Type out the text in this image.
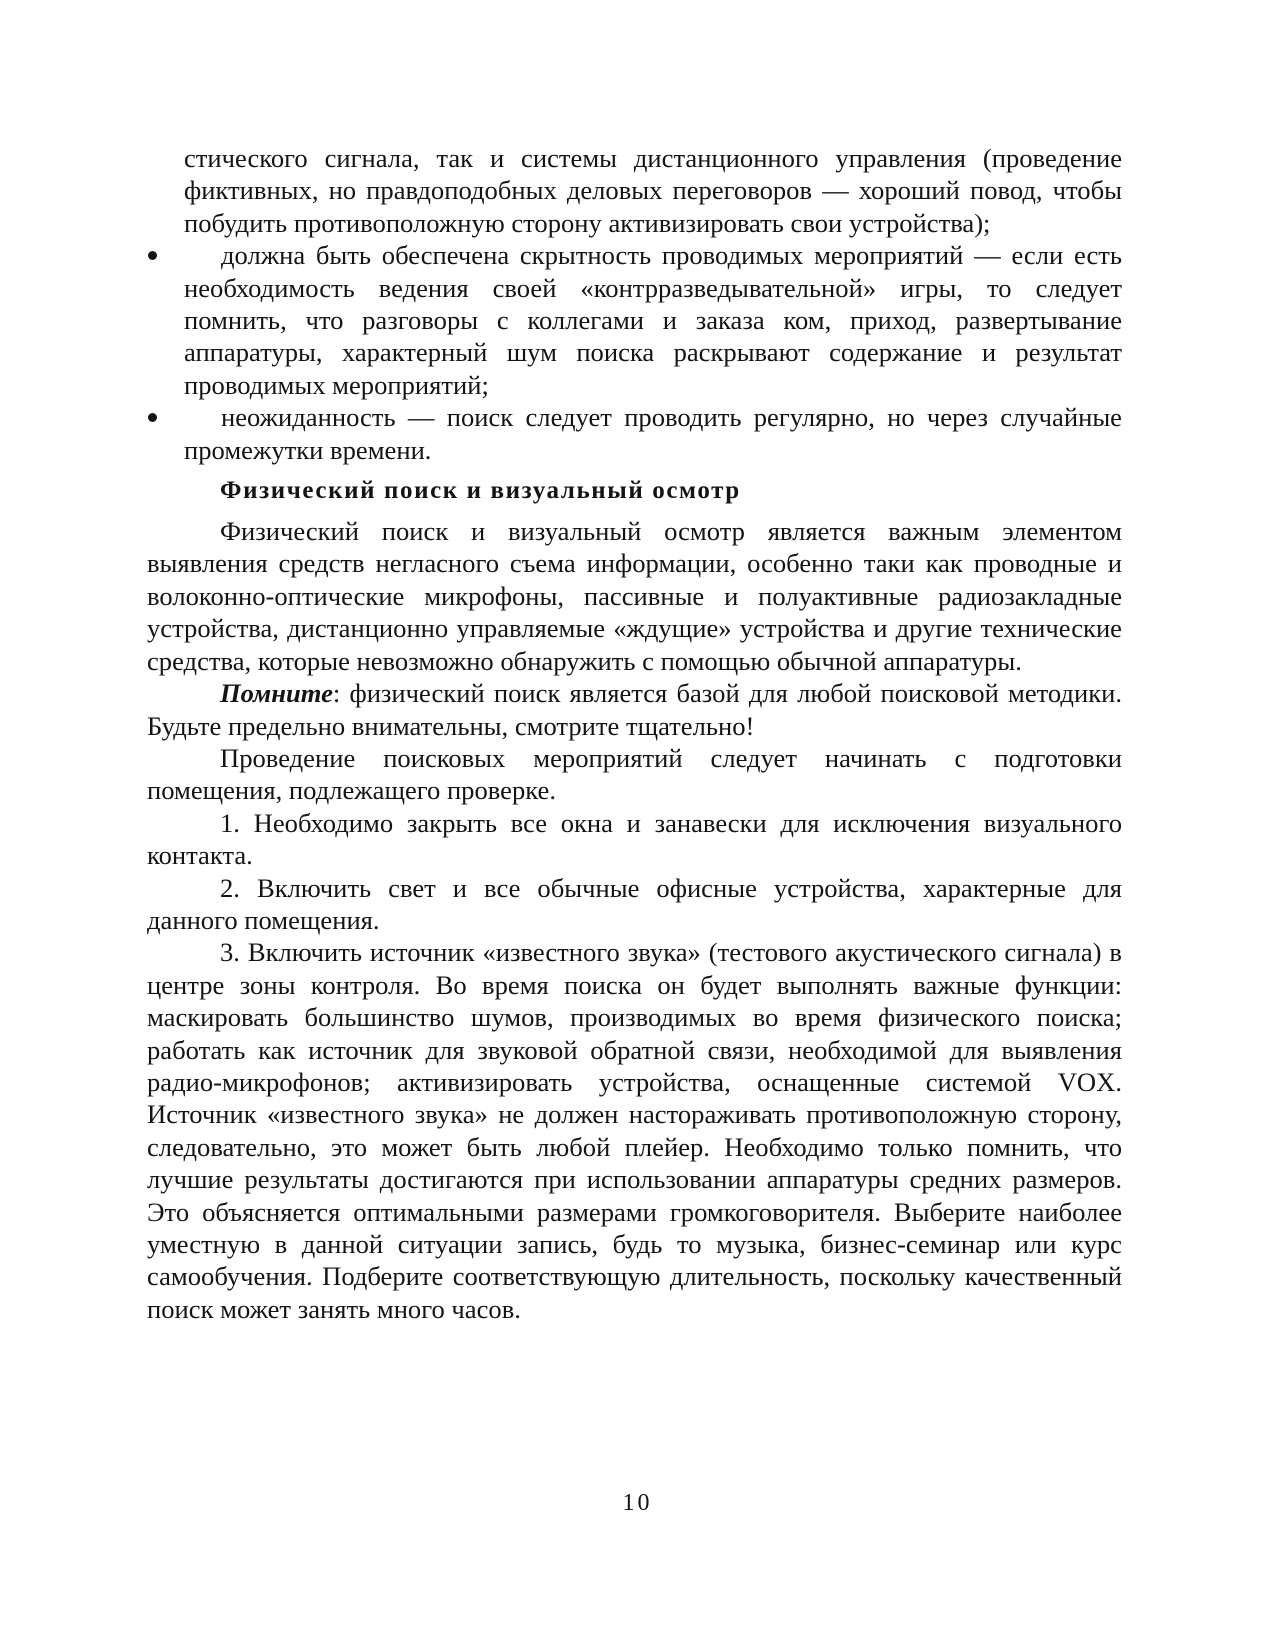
стического сигнала, так и системы дистанционного управления (проведение фиктивных, но правдоподобных деловых переговоров — хороший повод, чтобы побудить противоположную сторону активизировать свои устройства);

должна быть обеспечена скрытность проводимых мероприятий — если есть необходимость ведения своей «контрразведывательной» игры, то следует помнить, что разговоры с коллегами и заказа ком, приход, развертывание аппаратуры, характерный шум поиска раскрывают содержание и результат проводимых мероприятий;

неожиданность — поиск следует проводить регулярно, но через случайные промежутки времени.

Физический поиск и визуальный осмотр

Физический поиск и визуальный осмотр является важным элементом выявления средств негласного съема информации, особенно таки как проводные и волоконно-оптические микрофоны, пассивные и полуактивные радиозакладные устройства, дистанционно управляемые «ждущие» устройства и другие технические средства, которые невозможно обнаружить с помощью обычной аппаратуры.

Помните: физический поиск является базой для любой поисковой методики. Будьте предельно внимательны, смотрите тщательно!

Проведение поисковых мероприятий следует начинать с подготовки помещения, подлежащего проверке.

1. Необходимо закрыть все окна и занавески для исключения визуального контакта.

2. Включить свет и все обычные офисные устройства, характерные для данного помещения.

3. Включить источник «известного звука» (тестового акустического сигнала) в центре зоны контроля. Во время поиска он будет выполнять важные функции: маскировать большинство шумов, производимых во время физического поиска; работать как источник для звуковой обратной связи, необходимой для выявления радио-микрофонов; активизировать устройства, оснащенные системой VOX. Источник «известного звука» не должен настораживать противоположную сторону, следовательно, это может быть любой плейер. Необходимо только помнить, что лучшие результаты достигаются при использовании аппаратуры средних размеров. Это объясняется оптимальными размерами громкоговорителя. Выберите наиболее уместную в данной ситуации запись, будь то музыка, бизнес-семинар или курс самообучения. Подберите соответствующую длительность, поскольку качественный поиск может занять много часов.

10
